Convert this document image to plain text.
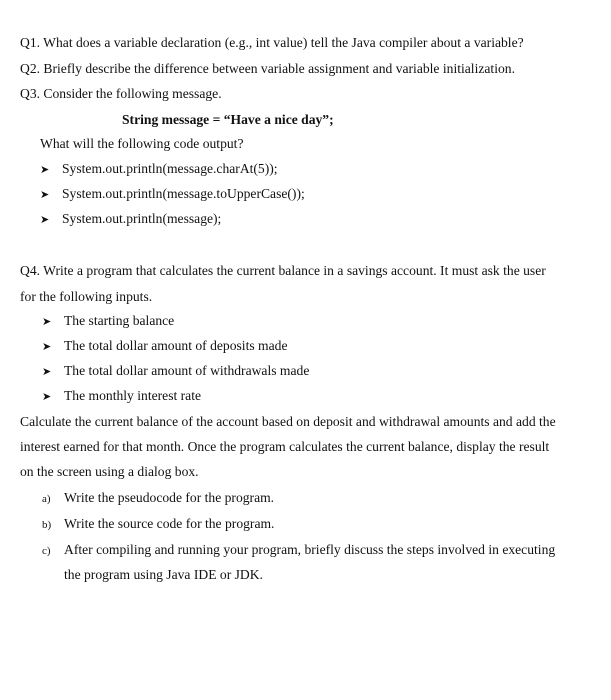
Q1. What does a variable declaration (e.g., int value) tell the Java compiler about a variable?
Q2. Briefly describe the difference between variable assignment and variable initialization.
Q3. Consider the following message.
String message = “Have a nice day”;
What will the following code output?
➤ System.out.println(message.charAt(5));
➤ System.out.println(message.toUpperCase());
➤ System.out.println(message);
Q4. Write a program that calculates the current balance in a savings account. It must ask the user
for the following inputs.
➤ The starting balance
➤ The total dollar amount of deposits made
➤ The total dollar amount of withdrawals made
➤ The monthly interest rate
Calculate the current balance of the account based on deposit and withdrawal amounts and add the
interest earned for that month. Once the program calculates the current balance, display the result
on the screen using a dialog box.
a) Write the pseudocode for the program.
b) Write the source code for the program.
c) After compiling and running your program, briefly discuss the steps involved in executing
the program using Java IDE or JDK.
